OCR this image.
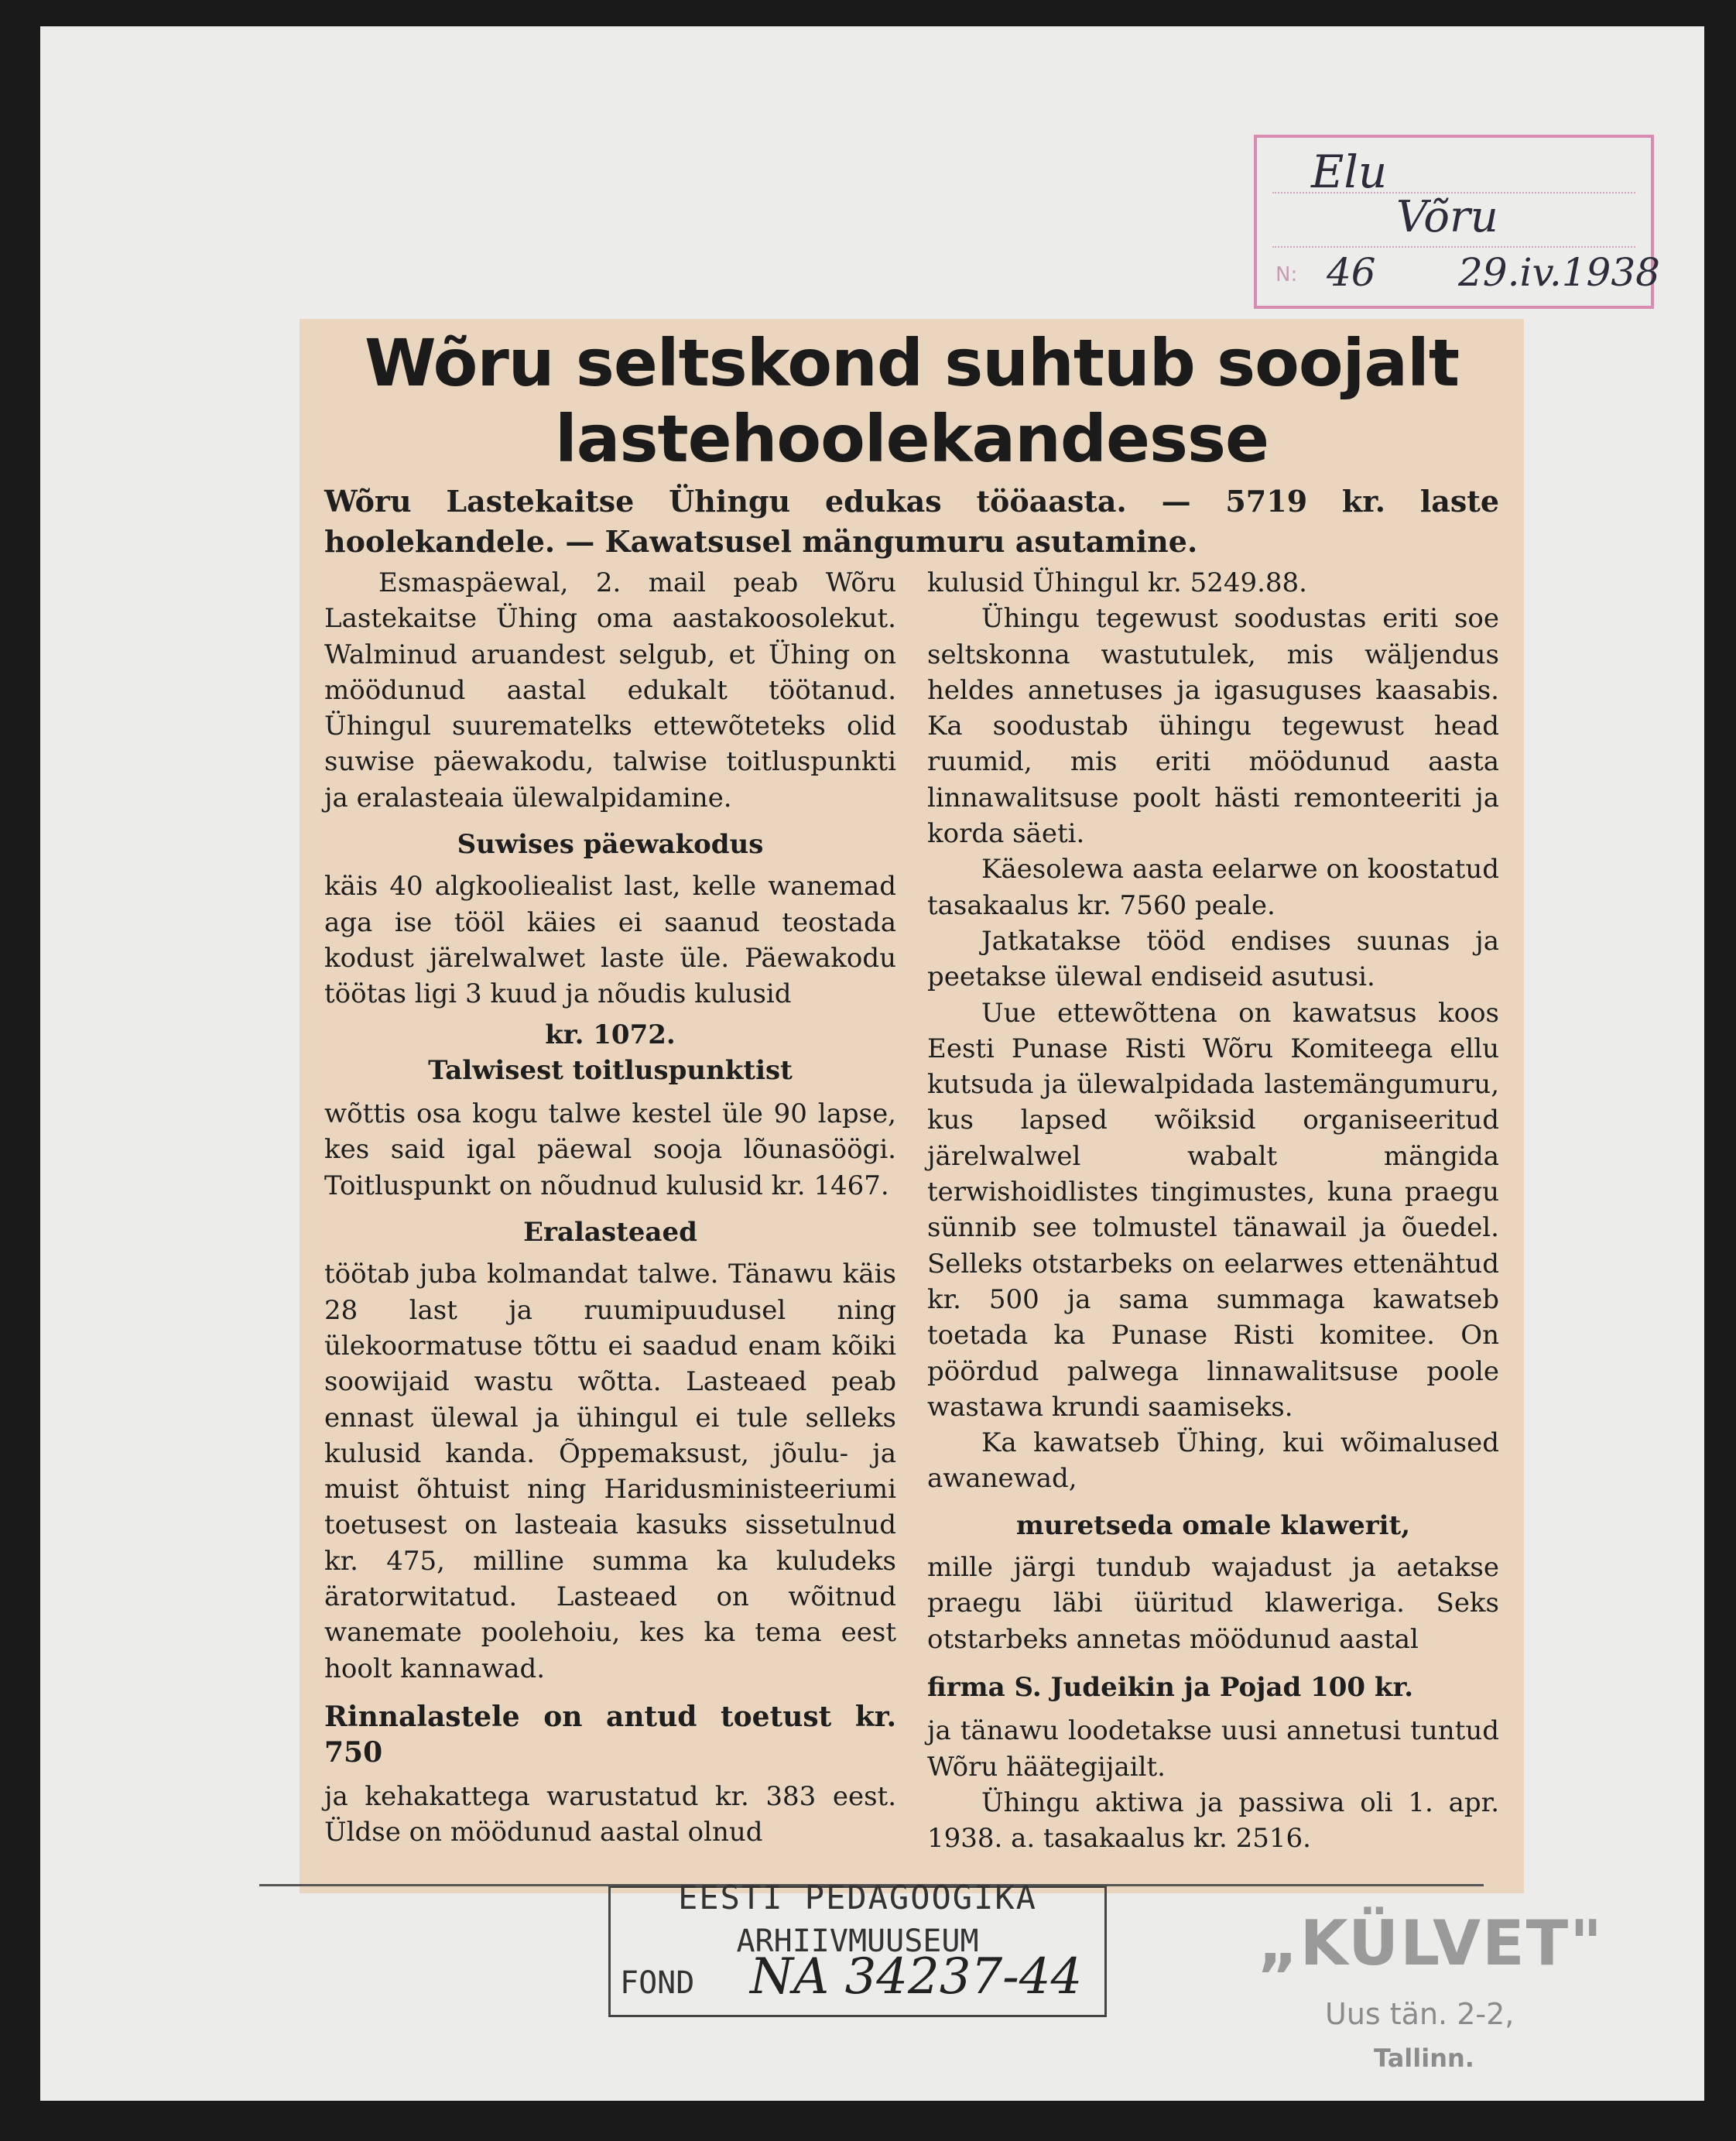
Elu
Võru
N: 46 29.iv.1938
Wõru seltskond suhtub soojalt lastehoolekandesse
Wõru Lastekaitse Ühingu edukas tööaasta. — 5719 kr. laste hoolekandele. — Kawatsusel mängumuru asutamine.

Esmaspäewal, 2. mail peab Wõru Lastekaitse Ühing oma aastakoosolekut. Walminud aruandest selgub, et Ühing on möödunud aastal edukalt töötanud. Ühingul suurematelks ettewõteteks olid suwise päewakodu, talwise toitluspunkti ja eralasteaia ülewalpidamine.

Suwises päewakodus

käis 40 algkooliealist last, kelle wanemad aga ise tööl käies ei saanud teostada kodust järelwalwet laste üle. Päewakodu töötas ligi 3 kuud ja nõudis kulusid

kr. 1072.

Talwisest toitluspunktist

wõttis osa kogu talwe kestel üle 90 lapse, kes said igal päewal sooja lõunasöögi. Toitluspunkt on nõudnud kulusid kr. 1467.

Eralasteaed

töötab juba kolmandat talwe. Tänawu käis 28 last ja ruumipuudusel ning ülekoormatuse tõttu ei saadud enam kõiki soowijaid wastu wõtta. Lasteaed peab ennast ülewal ja ühingul ei tule selleks kulusid kanda. Õppemaksust, jõulu- ja muist õhtuist ning Haridusministeeriumi toetusest on lasteaia kasuks sissetulnud kr. 475, milline summa ka kuludeks äratorwitatud. Lasteaed on wõitnud wanemate poolehoiu, kes ka tema eest hoolt kannawad.

Rinnalastele on antud toetust kr. 750

ja kehakattega warustatud kr. 383 eest. Üldse on möödunud aastal olnud

kulusid Ühingul kr. 5249.88.

Ühingu tegewust soodustas eriti soe seltskonna wastutulek, mis wäljendus heldes annetuses ja igasuguses kaasabis. Ka soodustab ühingu tegewust head ruumid, mis eriti möödunud aasta linnawalitsuse poolt hästi remonteeriti ja korda säeti.

Käesolewa aasta eelarwe on koostatud tasakaalus kr. 7560 peale.

Jatkatakse tööd endises suunas ja peetakse ülewal endiseid asutusi.

Uue ettewõttena on kawatsus koos Eesti Punase Risti Wõru Komiteega ellu kutsuda ja ülewalpidada lastemängumuru, kus lapsed wõiksid organiseeritud järelwalwel wabalt mängida terwishoidlistes tingimustes, kuna praegu sünnib see tolmustel tänawail ja õuedel. Selleks otstarbeks on eelarwes ettenähtud kr. 500 ja sama summaga kawatseb toetada ka Punase Risti komitee. On pöördud palwega linnawalitsuse poole wastawa krundi saamiseks.

Ka kawatseb Ühing, kui wõimalused awanewad,

muretseda omale klawerit,

mille järgi tundub wajadust ja aetakse praegu läbi üüritud klaweriga. Seks otstarbeks annetas möödunud aastal

firma S. Judeikin ja Pojad 100 kr.

ja tänawu loodetakse uusi annetusi tuntud Wõru häätegijailt.

Ühingu aktiwa ja passiwa oli 1. apr. 1938. a. tasakaalus kr. 2516.

EESTI PEDAGOOGIKA
ARHIIVMUUSEUM
FOND NA 34237-44	„KÜLVET"
Uus tän. 2-2,
Tallinn.
